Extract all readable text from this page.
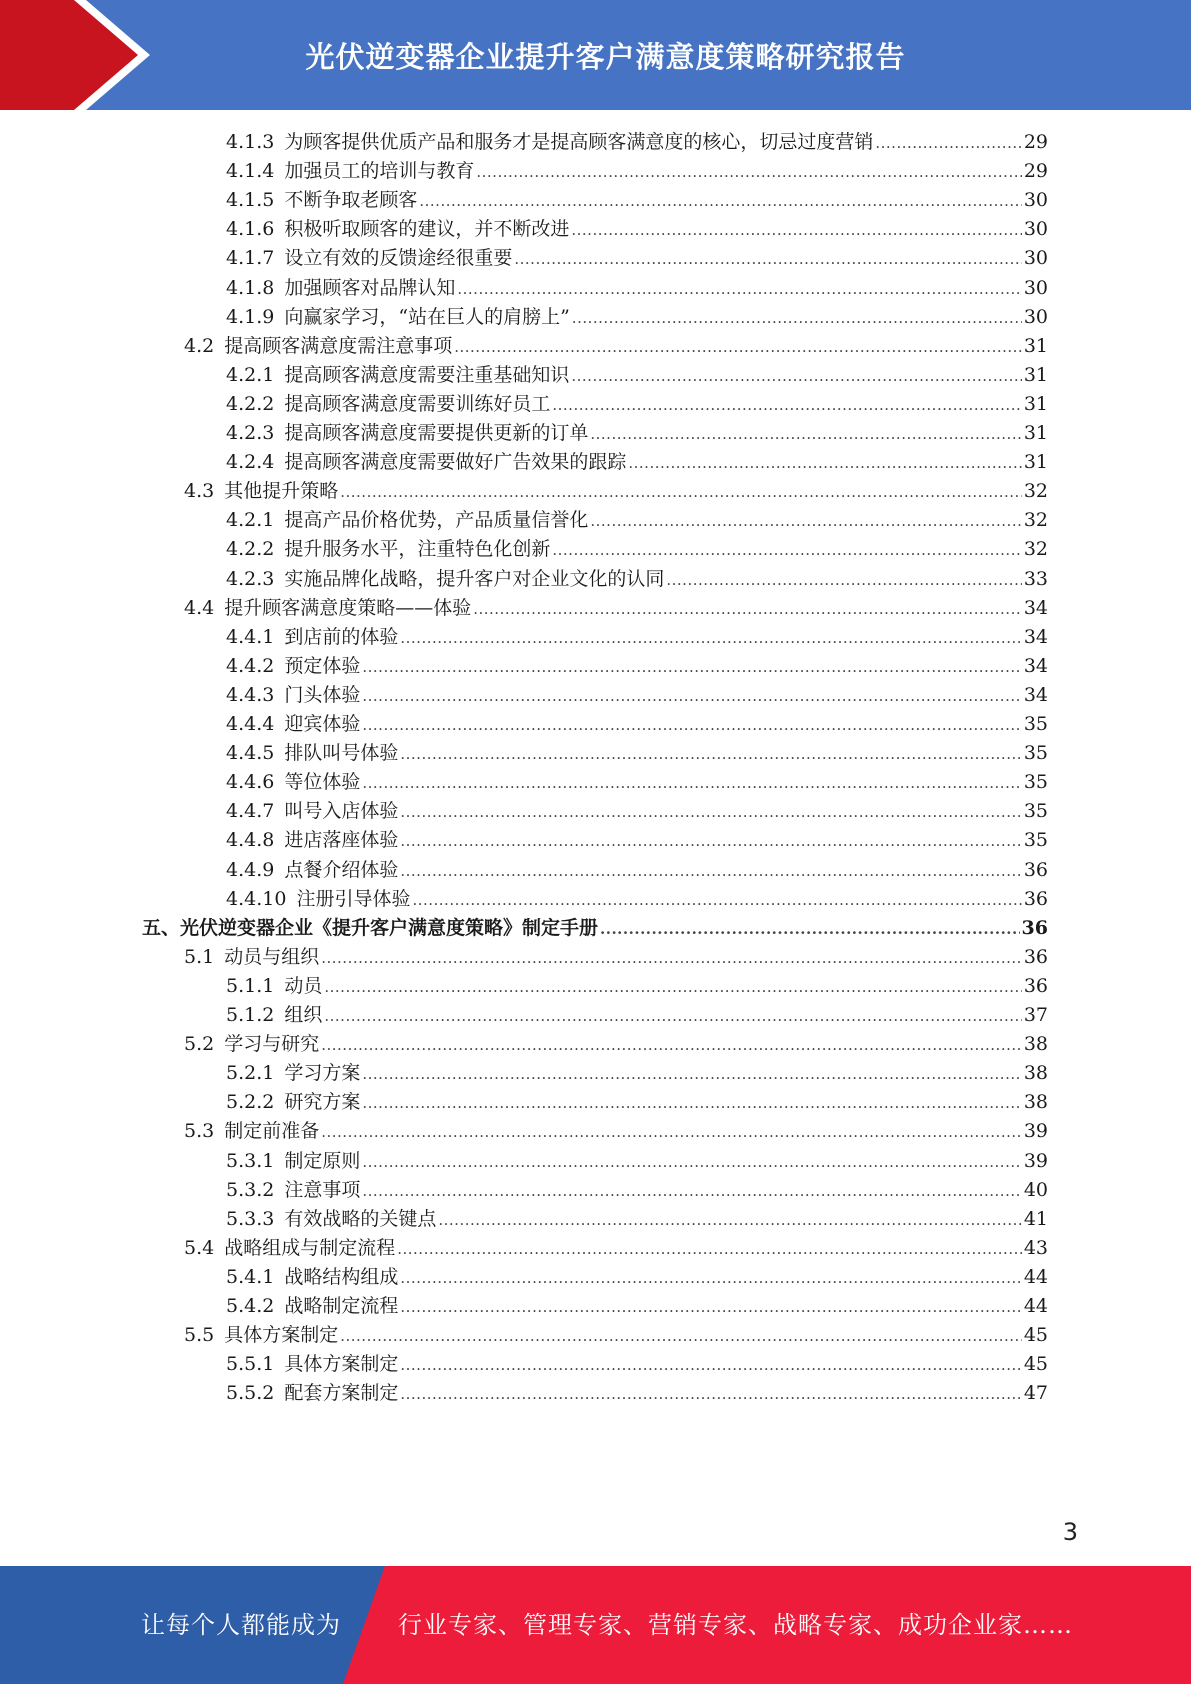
光伏逆变器企业提升客户满意度策略研究报告
4.1.3 为顾客提供优质产品和服务才是提高顾客满意度的核心，切忌过度营销 .....	29
4.1.4 加强员工的培训与教育 .....	29
4.1.5 不断争取老顾客 .....	30
4.1.6 积极听取顾客的建议，并不断改进 .....	30
4.1.7 设立有效的反馈途经很重要 .....	30
4.1.8 加强顾客对品牌认知 .....	30
4.1.9 向赢家学习，“站在巨人的肩膀上” .....	30
4.2 提高顾客满意度需注意事项 .....	31
4.2.1 提高顾客满意度需要注重基础知识 .....	31
4.2.2 提高顾客满意度需要训练好员工 .....	31
4.2.3 提高顾客满意度需要提供更新的订单 .....	31
4.2.4 提高顾客满意度需要做好广告效果的跟踪 .....	31
4.3 其他提升策略 .....	32
4.2.1 提高产品价格优势，产品质量信誉化 .....	32
4.2.2 提升服务水平，注重特色化创新 .....	32
4.2.3 实施品牌化战略，提升客户对企业文化的认同 .....	33
4.4 提升顾客满意度策略——体验 .....	34
4.4.1 到店前的体验 .....	34
4.4.2 预定体验 .....	34
4.4.3 门头体验 .....	34
4.4.4 迎宾体验 .....	35
4.4.5 排队叫号体验 .....	35
4.4.6 等位体验 .....	35
4.4.7 叫号入店体验 .....	35
4.4.8 进店落座体验 .....	35
4.4.9 点餐介绍体验 .....	36
4.4.10 注册引导体验 .....	36
五、光伏逆变器企业《提升客户满意度策略》制定手册 .....	36
5.1 动员与组织 .....	36
5.1.1 动员 .....	36
5.1.2 组织 .....	37
5.2 学习与研究 .....	38
5.2.1 学习方案 .....	38
5.2.2 研究方案 .....	38
5.3 制定前准备 .....	39
5.3.1 制定原则 .....	39
5.3.2 注意事项 .....	40
5.3.3 有效战略的关键点 .....	41
5.4 战略组成与制定流程 .....	43
5.4.1 战略结构组成 .....	44
5.4.2 战略制定流程 .....	44
5.5 具体方案制定 .....	45
5.5.1 具体方案制定 .....	45
5.5.2 配套方案制定 .....	47
3
让每个人都能成为 行业专家、管理专家、营销专家、战略专家、成功企业家……
